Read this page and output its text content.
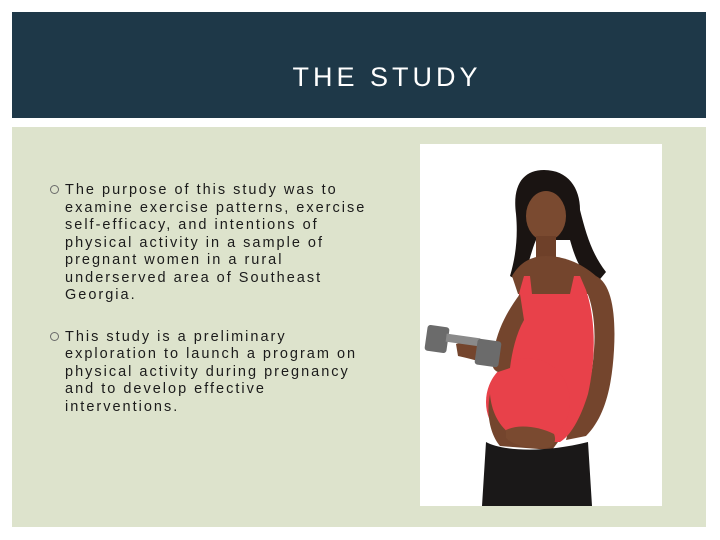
THE STUDY
The purpose of this study was to examine exercise patterns, exercise self-efficacy, and intentions of physical activity in a sample of pregnant women in a rural underserved area of Southeast Georgia.
This study is a preliminary exploration to launch a program on physical activity during pregnancy and to develop effective interventions.
